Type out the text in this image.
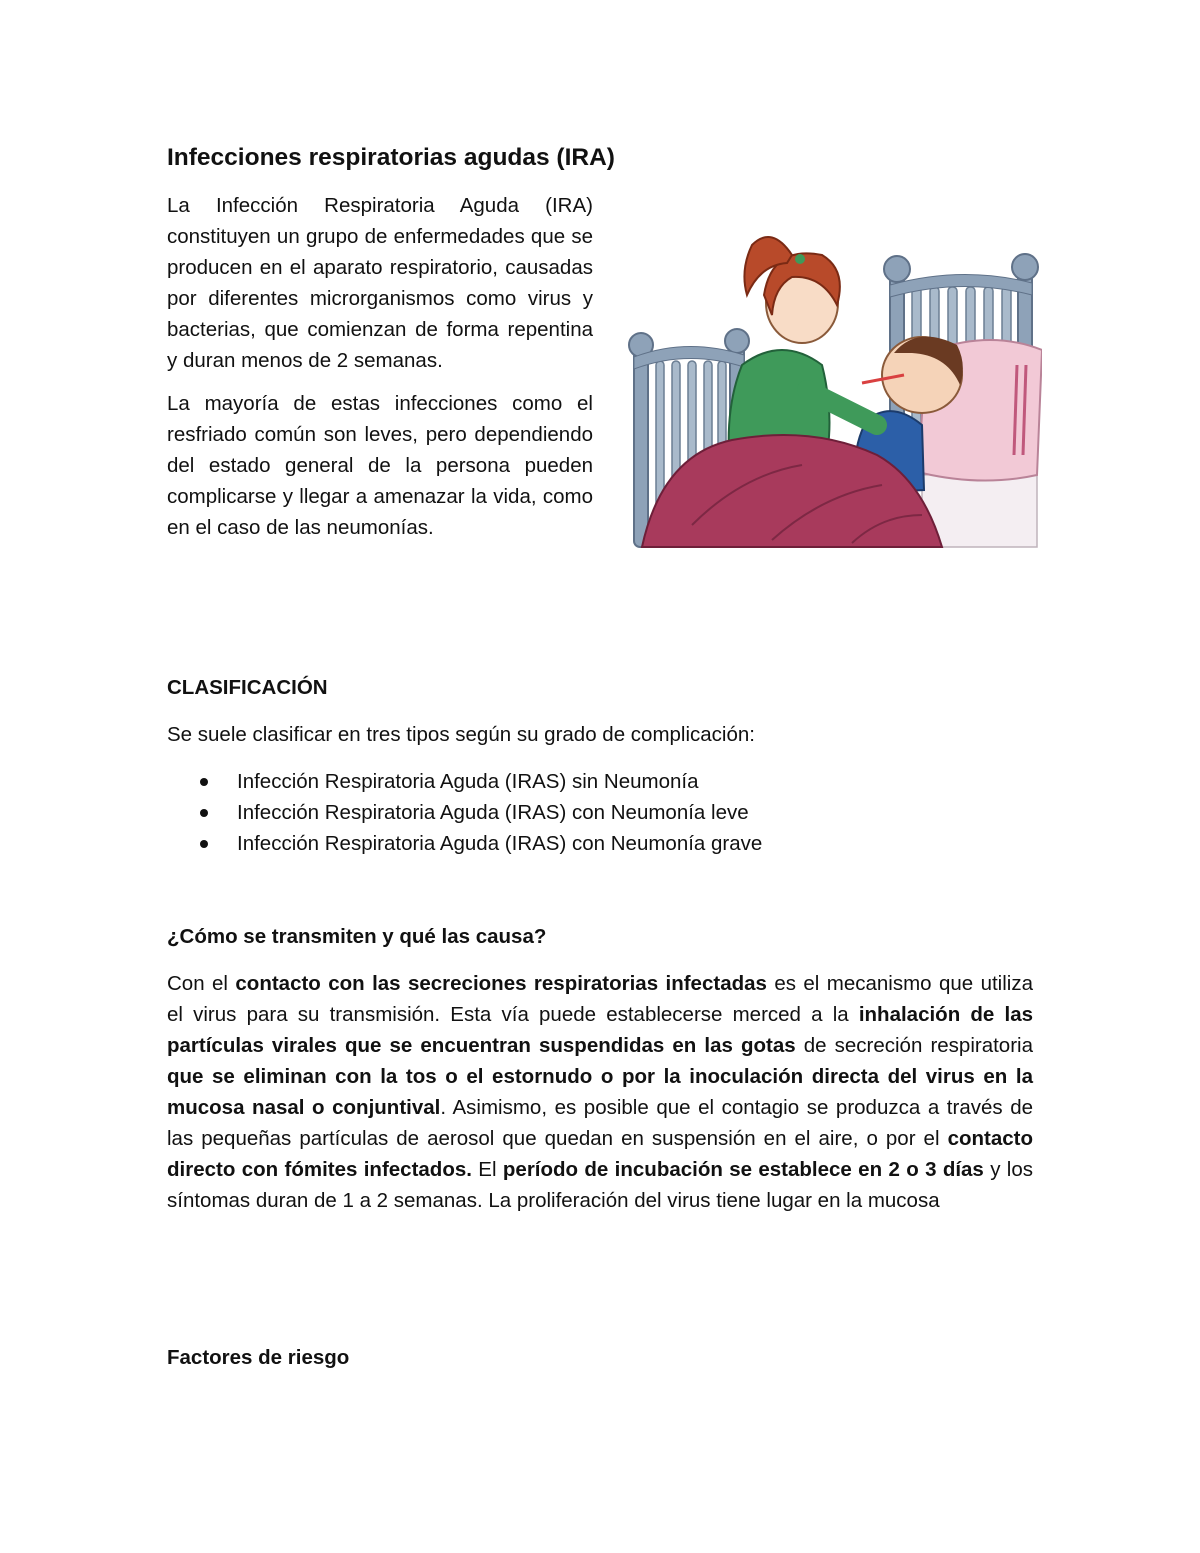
Infecciones respiratorias agudas (IRA)

La Infección Respiratoria Aguda (IRA) constituyen un grupo de enfermedades que se producen en el aparato respiratorio, causadas por diferentes microrganismos como virus y bacterias, que comienzan de forma repentina y duran menos de 2 semanas.

La mayoría de estas infecciones como el resfriado común son leves, pero dependiendo del estado general de la persona pueden complicarse y llegar a amenazar la vida, como en el caso de las neumonías.

CLASIFICACIÓN

Se suele clasificar en tres tipos según su grado de complicación:

Infección Respiratoria Aguda (IRAS) sin Neumonía
Infección Respiratoria Aguda (IRAS) con Neumonía leve
Infección Respiratoria Aguda (IRAS) con Neumonía grave
¿Cómo se transmiten y qué las causa?

Con el contacto con las secreciones respiratorias infectadas es el mecanismo que utiliza el virus para su transmisión. Esta vía puede establecerse merced a la inhalación de las partículas virales que se encuentran suspendidas en las gotas de secreción respiratoria que se eliminan con la tos o el estornudo o por la inoculación directa del virus en la mucosa nasal o conjuntival. Asimismo, es posible que el contagio se produzca a través de las pequeñas partículas de aerosol que quedan en suspensión en el aire, o por el contacto directo con fómites infectados. El período de incubación se establece en 2 o 3 días y los síntomas duran de 1 a 2 semanas. La proliferación del virus tiene lugar en la mucosa

Factores de riesgo
